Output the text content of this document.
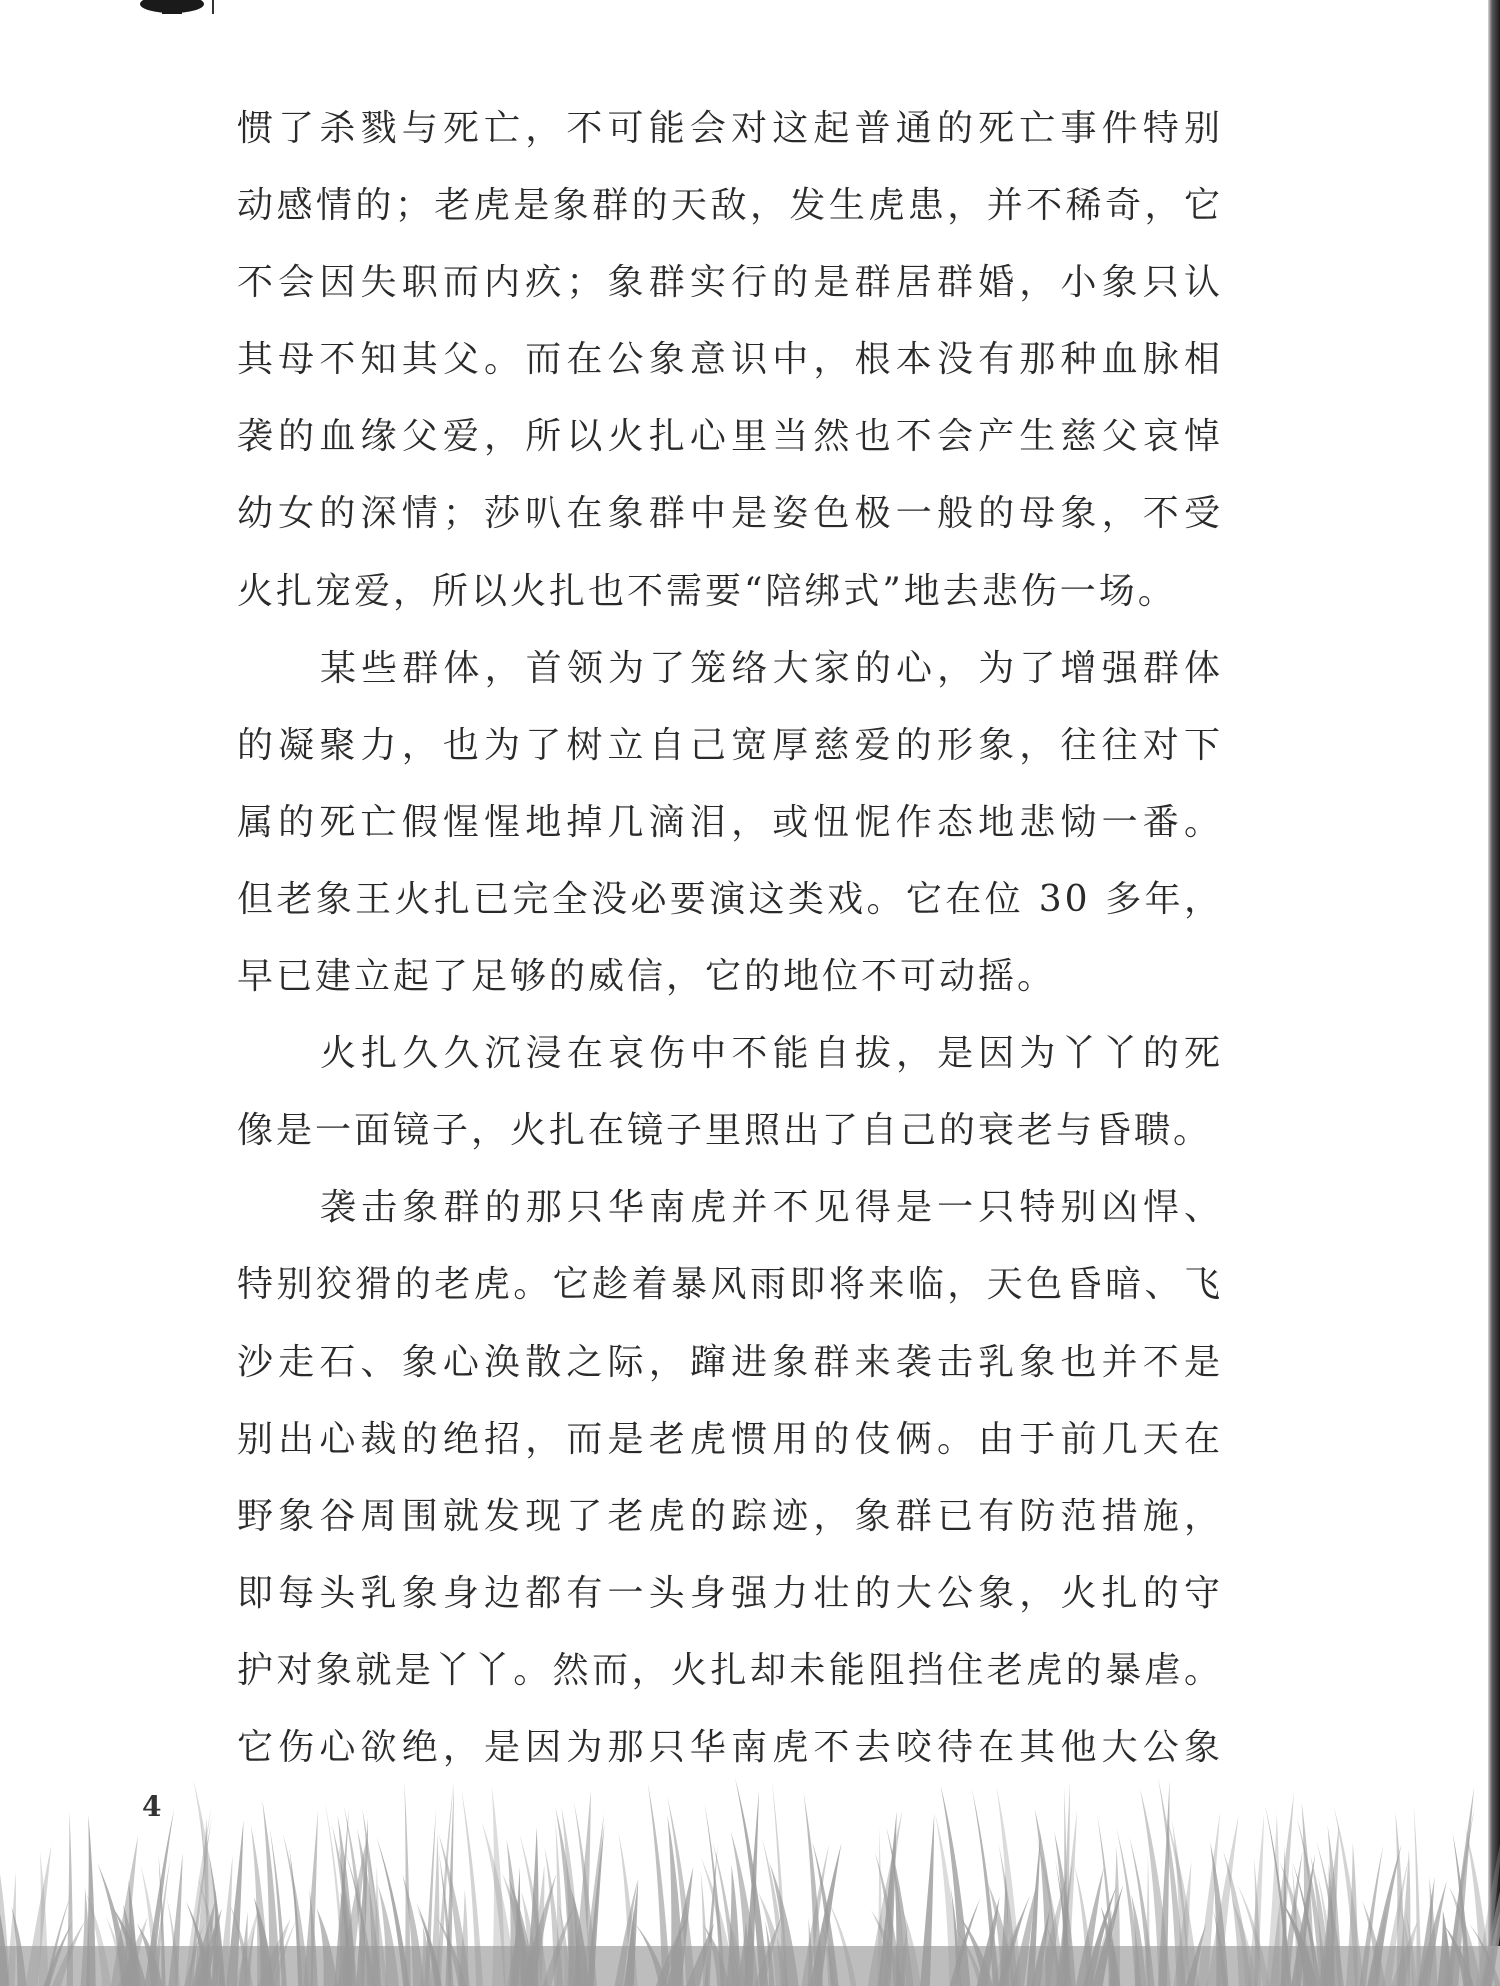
惯了杀戮与死亡，不可能会对这起普通的死亡事件特别
动感情的；老虎是象群的天敌，发生虎患，并不稀奇，它
不会因失职而内疚；象群实行的是群居群婚，小象只认
其母不知其父。而在公象意识中，根本没有那种血脉相
袭的血缘父爱，所以火扎心里当然也不会产生慈父哀悼
幼女的深情；莎叭在象群中是姿色极一般的母象，不受
火扎宠爱，所以火扎也不需要“陪绑式”地去悲伤一场。
某些群体，首领为了笼络大家的心，为了增强群体
的凝聚力，也为了树立自己宽厚慈爱的形象，往往对下
属的死亡假惺惺地掉几滴泪，或忸怩作态地悲恸一番。
但老象王火扎已完全没必要演这类戏。它在位 30 多年，
早已建立起了足够的威信，它的地位不可动摇。
火扎久久沉浸在哀伤中不能自拔，是因为丫丫的死
像是一面镜子，火扎在镜子里照出了自己的衰老与昏聩。
袭击象群的那只华南虎并不见得是一只特别凶悍、
特别狡猾的老虎。它趁着暴风雨即将来临，天色昏暗、飞
沙走石、象心涣散之际，蹿进象群来袭击乳象也并不是
别出心裁的绝招，而是老虎惯用的伎俩。由于前几天在
野象谷周围就发现了老虎的踪迹，象群已有防范措施，
即每头乳象身边都有一头身强力壮的大公象，火扎的守
护对象就是丫丫。然而，火扎却未能阻挡住老虎的暴虐。
它伤心欲绝，是因为那只华南虎不去咬待在其他大公象
4
